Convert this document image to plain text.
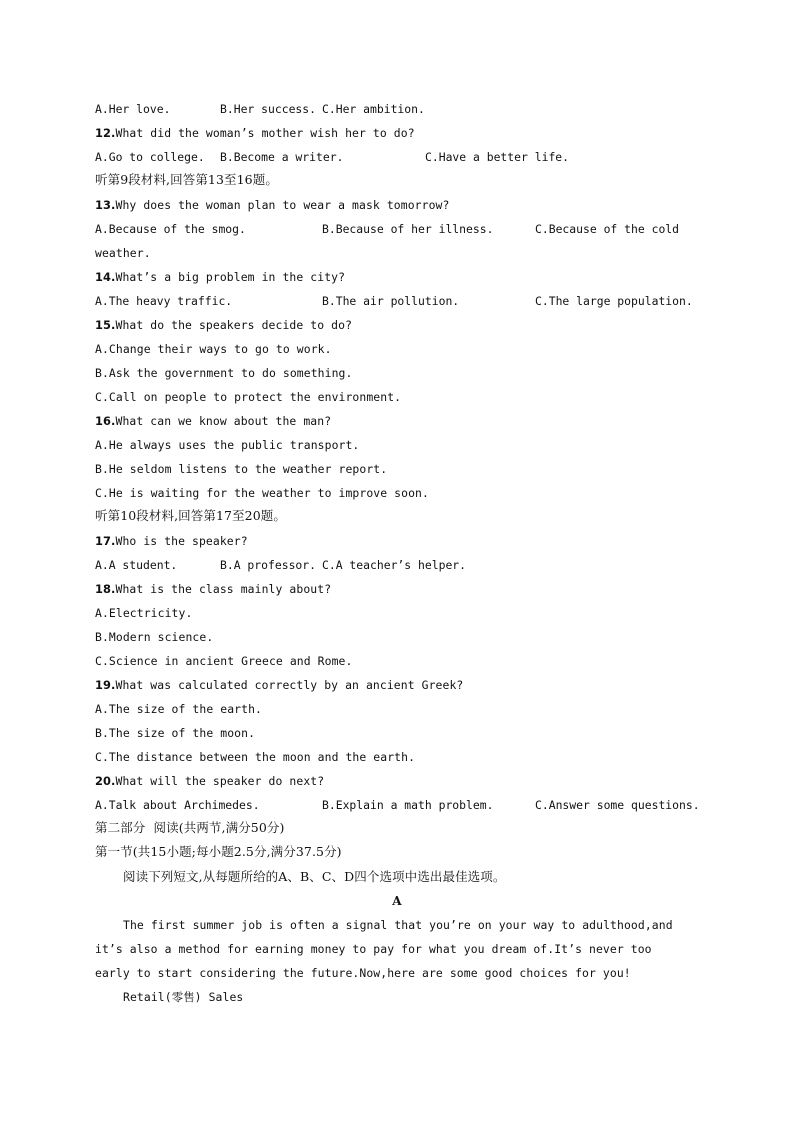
A.Her love.	B.Her success. C.Her ambition.
12.What did the woman’s mother wish her to do?
A.Go to college. B.Become a writer.	C.Have a better life.
听第9段材料,回答第13至16题。
13.Why does the woman plan to wear a mask tomorrow?
A.Because of the smog.	B.Because of her illness.	C.Because of the cold
weather.
14.What’s a big problem in the city?
A.The heavy traffic.	B.The air pollution.	C.The large population.
15.What do the speakers decide to do?
A.Change their ways to go to work.
B.Ask the government to do something.
C.Call on people to protect the environment.
16.What can we know about the man?
A.He always uses the public transport.
B.He seldom listens to the weather report.
C.He is waiting for the weather to improve soon.
听第10段材料,回答第17至20题。
17.Who is the speaker?
A.A student.	B.A professor. C.A teacher’s helper.
18.What is the class mainly about?
A.Electricity.
B.Modern science.
C.Science in ancient Greece and Rome.
19.What was calculated correctly by an ancient Greek?
A.The size of the earth.
B.The size of the moon.
C.The distance between the moon and the earth.
20.What will the speaker do next?
A.Talk about Archimedes.	B.Explain a math problem.	C.Answer some questions.
第二部分  阅读(共两节,满分50分)
第一节(共15小题;每小题2.5分,满分37.5分)
阅读下列短文,从每题所给的A、B、C、D四个选项中选出最佳选项。
A
The first summer job is often a signal that you’re on your way to adulthood,and
it’s also a method for earning money to pay for what you dream of.It’s never too
early to start considering the future.Now,here are some good choices for you!
Retail(零售) Sales
